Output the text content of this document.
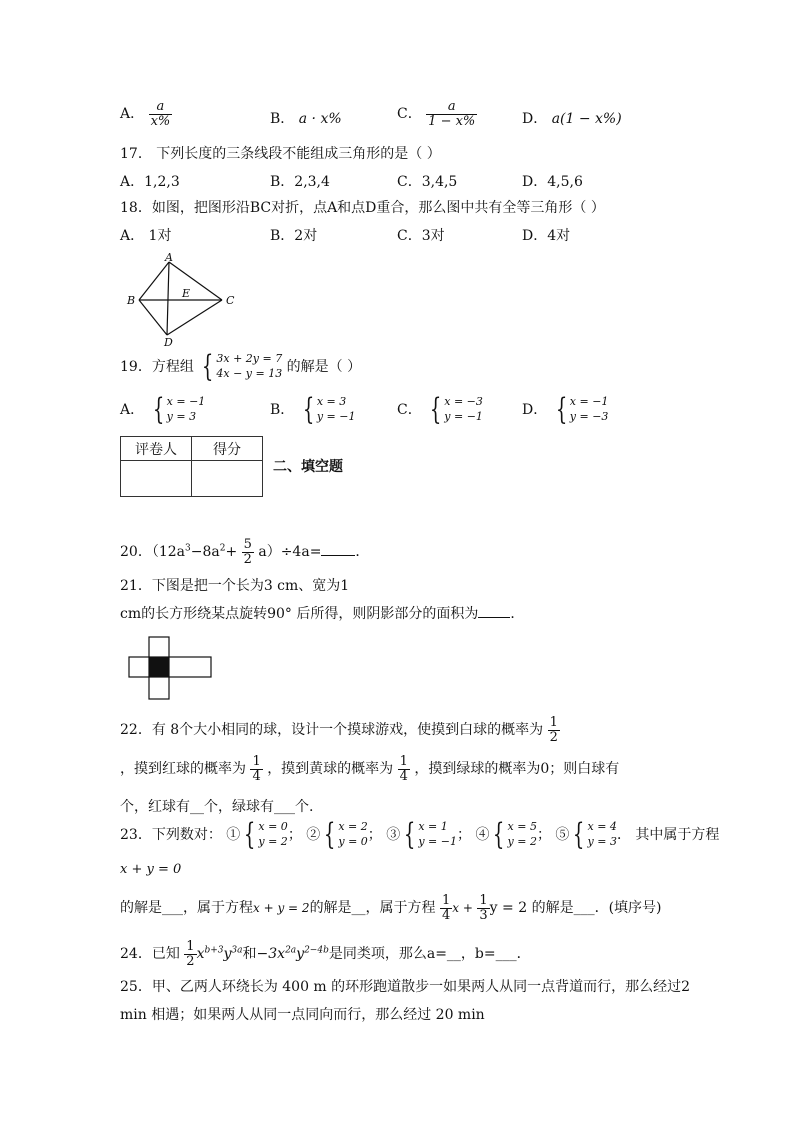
A． $\frac{a}{x\%}$	B． a · x%	C． $\frac{a}{1 - x\%}$	D． a(1 − x%)
17． 下列长度的三条线段不能组成三角形的是（ ）
A．1,2,3	B．2,3,4	C．3,4,5	D．4,5,6
18．如图，把图形沿BC对折，点A和点D重合，那么图中共有全等三角形（ ）
A． 1对	B．2对	C．3对	D．4对
A
B	C
D
E
19．方程组 { 3x + 2y = 7
4x − y = 13 的解是（ ）
A． { x = −1
y = 3	B． { x = 3
y = −1	C． { x = −3
y = −1	D． { x = −1
y = −3
评卷人	得分

二、填空题
20．$(12a^3-8a^2+ \frac{5}{2} a)\div 4a=$ ．
21．下图是把一个长为3 cm、宽为1
cm的长方形绕某点旋转90° 后所得，则阴影部分的面积为 ．
22．有 8个大小相同的球，设计一个摸球游戏，使摸到白球的概率为 $\frac{1}{2}$
，摸到红球的概率为 $\frac{1}{4}$ ，摸到黄球的概率为 $\frac{1}{4}$ ，摸到绿球的概率为0；则白球有
个，红球有__个，绿球有___个.
23．下列数对： ① { x = 0
y = 2 ； ② { x = 2
y = 0 ； ③ { x = 1
y = −1 ； ④ { x = 5
y = 2 ； ⑤ { x = 4
y = 3 ． 其中属于方程
x + y = 0
的解是___，属于方程x + y = 2的解是__，属于方程 $\frac{1}{4}$ $x + \frac{1}{3}$ y = 2 的解是___．(填序号)
24．已知 $\frac{1}{2} x^{b+3}y^{3a}$和$-3x^{2a}y^{2-4b}$是同类项，那么a=__，b=___．
25．甲、乙两人环绕长为 400 m 的环形跑道散步一如果两人从同一点背道而行，那么经过2
min 相遇；如果两人从同一点同向而行，那么经过 20 min
